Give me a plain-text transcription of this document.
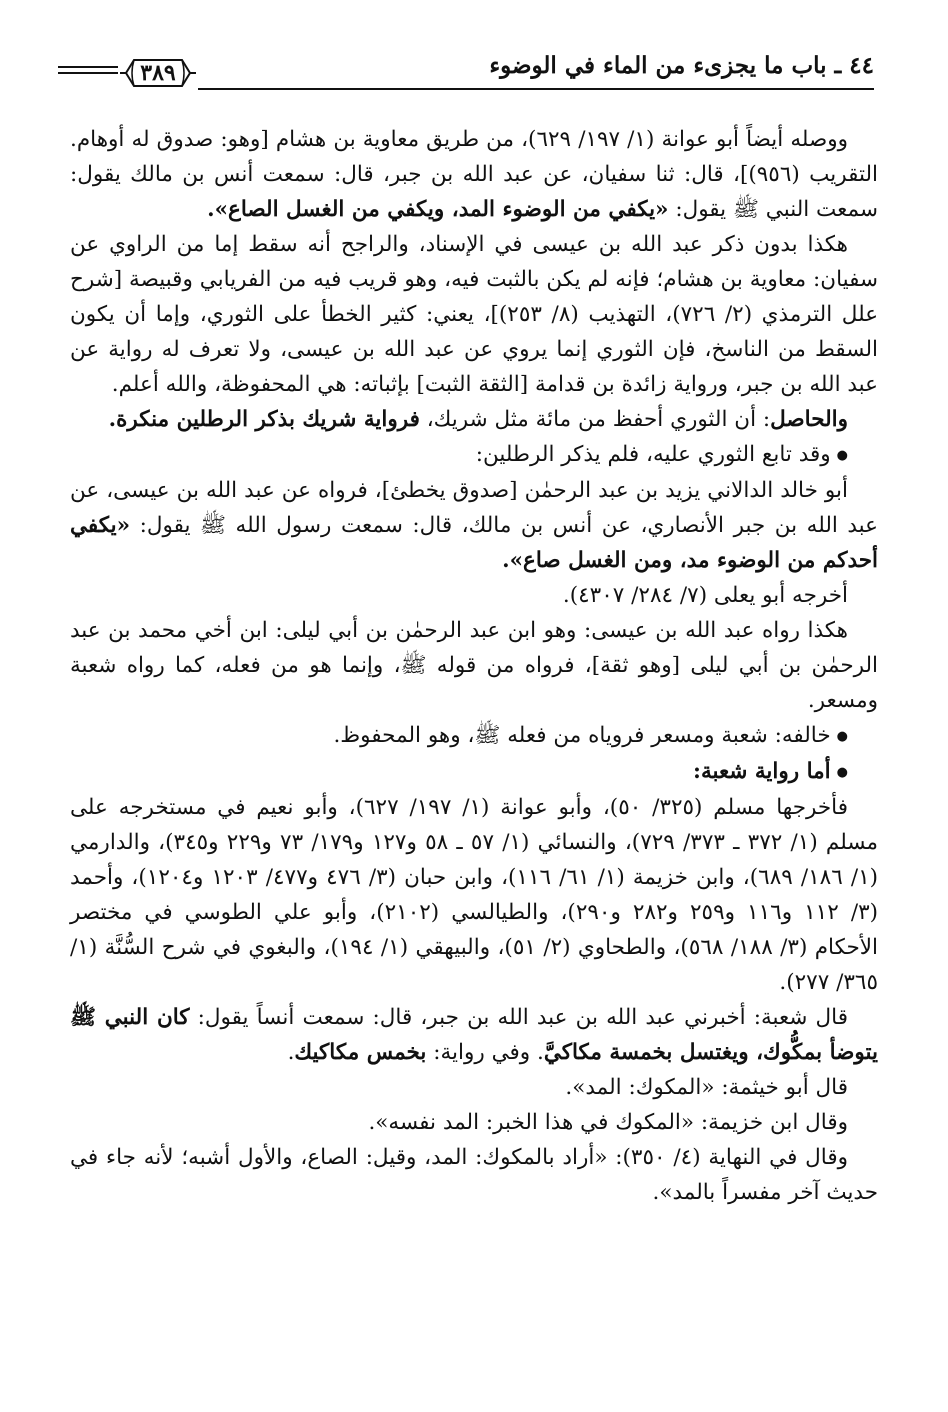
٤٤ ـ باب ما يجزىء من الماء في الوضوء
٣٨٩

ووصله أيضاً أبو عوانة (١/ ١٩٧/ ٦٢٩)، من طريق معاوية بن هشام [وهو: صدوق له أوهام. التقريب (٩٥٦)]، قال: ثنا سفيان، عن عبد الله بن جبر، قال: سمعت أنس بن مالك يقول: سمعت النبي ﷺ يقول: «يكفي من الوضوء المد، ويكفي من الغسل الصاع».

هكذا بدون ذكر عبد الله بن عيسى في الإسناد، والراجح أنه سقط إما من الراوي عن سفيان: معاوية بن هشام؛ فإنه لم يكن بالثبت فيه، وهو قريب فيه من الفريابي وقبيصة [شرح علل الترمذي (٢/ ٧٢٦)، التهذيب (٨/ ٢٥٣)]، يعني: كثير الخطأ على الثوري، وإما أن يكون السقط من الناسخ، فإن الثوري إنما يروي عن عبد الله بن عيسى، ولا تعرف له رواية عن عبد الله بن جبر، ورواية زائدة بن قدامة [الثقة الثبت] بإثباته: هي المحفوظة، والله أعلم.

والحاصل: أن الثوري أحفظ من مائة مثل شريك، فرواية شريك بذكر الرطلين منكرة.

●وقد تابع الثوري عليه، فلم يذكر الرطلين:

أبو خالد الدالاني يزيد بن عبد الرحمٰن [صدوق يخطئ]، فرواه عن عبد الله بن عيسى، عن عبد الله بن جبر الأنصاري، عن أنس بن مالك، قال: سمعت رسول الله ﷺ يقول: «يكفي أحدكم من الوضوء مد، ومن الغسل صاع».

أخرجه أبو يعلى (٧/ ٢٨٤/ ٤٣٠٧).

هكذا رواه عبد الله بن عيسى: وهو ابن عبد الرحمٰن بن أبي ليلى: ابن أخي محمد بن عبد الرحمٰن بن أبي ليلى [وهو ثقة]، فرواه من قوله ﷺ، وإنما هو من فعله، كما رواه شعبة ومسعر.

●خالفه: شعبة ومسعر فروياه من فعله ﷺ، وهو المحفوظ.

●أما رواية شعبة:

فأخرجها مسلم (٣٢٥/ ٥٠)، وأبو عوانة (١/ ١٩٧/ ٦٢٧)، وأبو نعيم في مستخرجه على مسلم (١/ ٣٧٢ ـ ٣٧٣/ ٧٢٩)، والنسائي (١/ ٥٧ ـ ٥٨ و١٢٧ و١٧٩/ ٧٣ و٢٢٩ و٣٤٥)، والدارمي (١/ ١٨٦/ ٦٨٩)، وابن خزيمة (١/ ٦١/ ١١٦)، وابن حبان (٣/ ٤٧٦ و٤٧٧/ ١٢٠٣ و١٢٠٤)، وأحمد (٣/ ١١٢ و١١٦ و٢٥٩ و٢٨٢ و٢٩٠)، والطيالسي (٢١٠٢)، وأبو علي الطوسي في مختصر الأحكام (٣/ ١٨٨/ ٥٦٨)، والطحاوي (٢/ ٥١)، والبيهقي (١/ ١٩٤)، والبغوي في شرح السُّنَّة (١/ ٣٦٥/ ٢٧٧).

قال شعبة: أخبرني عبد الله بن عبد الله بن جبر، قال: سمعت أنساً يقول: كان النبي ﷺ يتوضأ بمكُّوك، ويغتسل بخمسة مكاكيَّ. وفي رواية: بخمس مكاكيك.

قال أبو خيثمة: «المكوك: المد».

وقال ابن خزيمة: «المكوك في هذا الخبر: المد نفسه».

وقال في النهاية (٤/ ٣٥٠): «أراد بالمكوك: المد، وقيل: الصاع، والأول أشبه؛ لأنه جاء في حديث آخر مفسراً بالمد».
